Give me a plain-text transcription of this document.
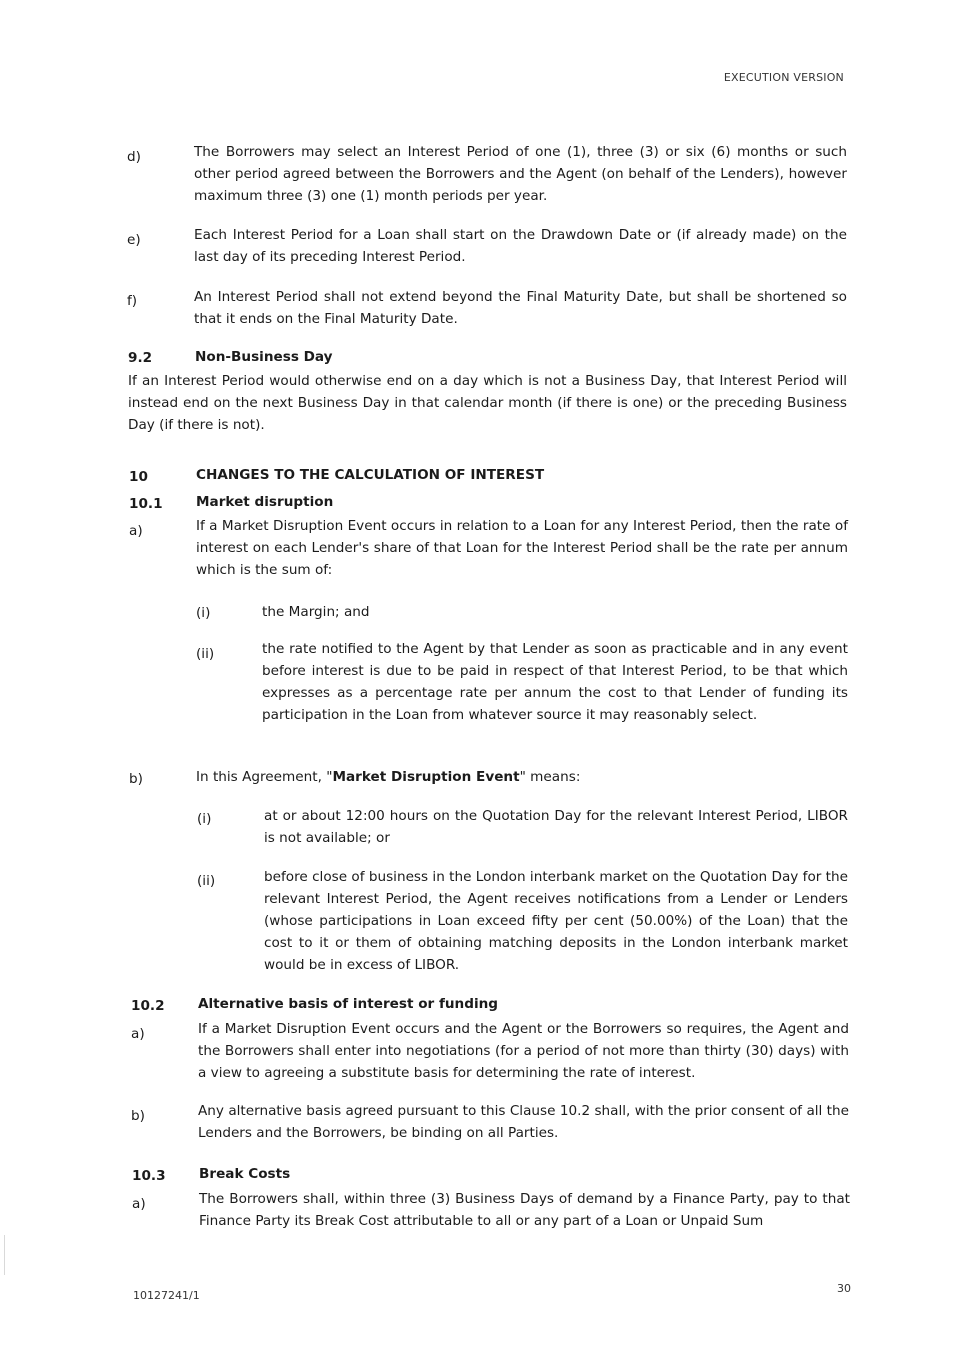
EXECUTION VERSION
d)	The Borrowers may select an Interest Period of one (1), three (3) or six (6) months or such other period agreed between the Borrowers and the Agent (on behalf of the Lenders), however maximum three (3) one (1) month periods per year.
e)	Each Interest Period for a Loan shall start on the Drawdown Date or (if already made) on the last day of its preceding Interest Period.
f)	An Interest Period shall not extend beyond the Final Maturity Date, but shall be shortened so that it ends on the Final Maturity Date.
9.2	Non-Business Day
If an Interest Period would otherwise end on a day which is not a Business Day, that Interest Period will instead end on the next Business Day in that calendar month (if there is one) or the preceding Business Day (if there is not).
10	CHANGES TO THE CALCULATION OF INTEREST
10.1 Market disruption
a)	If a Market Disruption Event occurs in relation to a Loan for any Interest Period, then the rate of interest on each Lender's share of that Loan for the Interest Period shall be the rate per annum which is the sum of:
(i)	the Margin; and
(ii)	the rate notified to the Agent by that Lender as soon as practicable and in any event before interest is due to be paid in respect of that Interest Period, to be that which expresses as a percentage rate per annum the cost to that Lender of funding its participation in the Loan from whatever source it may reasonably select.
b)	In this Agreement, "Market Disruption Event" means:
(i)	at or about 12:00 hours on the Quotation Day for the relevant Interest Period, LIBOR is not available; or
(ii)	before close of business in the London interbank market on the Quotation Day for the relevant Interest Period, the Agent receives notifications from a Lender or Lenders (whose participations in Loan exceed fifty per cent (50.00%) of the Loan) that the cost to it or them of obtaining matching deposits in the London interbank market would be in excess of LIBOR.
10.2 Alternative basis of interest or funding
a)	If a Market Disruption Event occurs and the Agent or the Borrowers so requires, the Agent and the Borrowers shall enter into negotiations (for a period of not more than thirty (30) days) with a view to agreeing a substitute basis for determining the rate of interest.
b)	Any alternative basis agreed pursuant to this Clause 10.2 shall, with the prior consent of all the Lenders and the Borrowers, be binding on all Parties.
10.3 Break Costs
a)	The Borrowers shall, within three (3) Business Days of demand by a Finance Party, pay to that Finance Party its Break Cost attributable to all or any part of a Loan or Unpaid Sum
10127241/1
30
